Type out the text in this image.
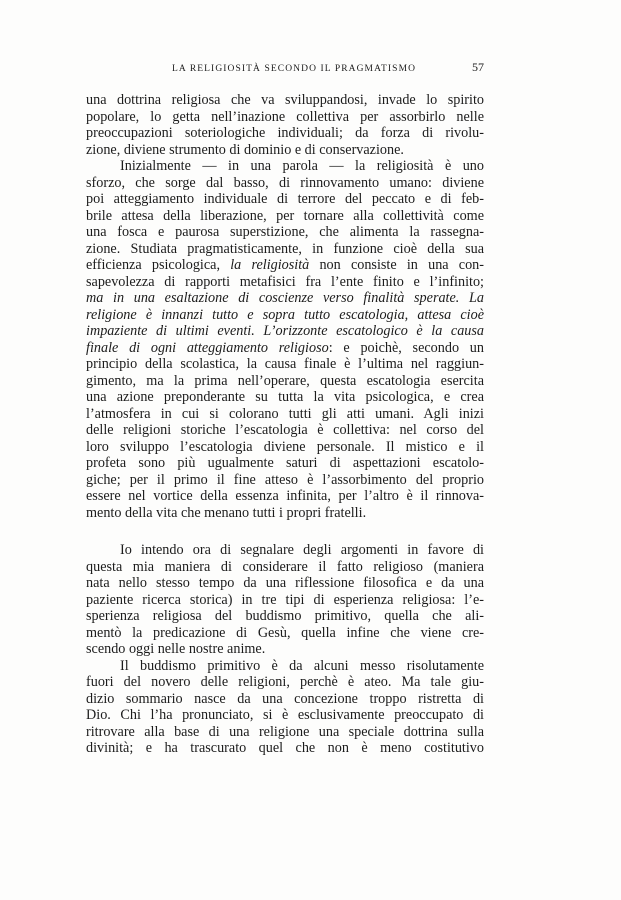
LA RELIGIOSITÀ SECONDO IL PRAGMATISMO	57
una dottrina religiosa che va sviluppandosi, invade lo spirito
popolare, lo getta nell’inazione collettiva per assorbirlo nelle
preoccupazioni soteriologiche individuali; da forza di rivolu-
zione, diviene strumento di dominio e di conservazione.
Inizialmente — in una parola — la religiosità è uno
sforzo, che sorge dal basso, di rinnovamento umano: diviene
poi atteggiamento individuale di terrore del peccato e di feb-
brile attesa della liberazione, per tornare alla collettività come
una fosca e paurosa superstizione, che alimenta la rassegna-
zione. Studiata pragmatisticamente, in funzione cioè della sua
efficienza psicologica, la religiosità non consiste in una con-
sapevolezza di rapporti metafisici fra l’ente finito e l’infinito;
ma in una esaltazione di coscienze verso finalità sperate. La
religione è innanzi tutto e sopra tutto escatologia, attesa cioè
impaziente di ultimi eventi. L’orizzonte escatologico è la causa
finale di ogni atteggiamento religioso: e poichè, secondo un
principio della scolastica, la causa finale è l’ultima nel raggiun-
gimento, ma la prima nell’operare, questa escatologia esercita
una azione preponderante su tutta la vita psicologica, e crea
l’atmosfera in cui si colorano tutti gli atti umani. Agli inizi
delle religioni storiche l’escatologia è collettiva: nel corso del
loro sviluppo l’escatologia diviene personale. Il mistico e il
profeta sono più ugualmente saturi di aspettazioni escatolo-
giche; per il primo il fine atteso è l’assorbimento del proprio
essere nel vortice della essenza infinita, per l’altro è il rinnova-
mento della vita che menano tutti i propri fratelli.
Io intendo ora di segnalare degli argomenti in favore di
questa mia maniera di considerare il fatto religioso (maniera
nata nello stesso tempo da una riflessione filosofica e da una
paziente ricerca storica) in tre tipi di esperienza religiosa: l’e-
sperienza religiosa del buddismo primitivo, quella che ali-
mentò la predicazione di Gesù, quella infine che viene cre-
scendo oggi nelle nostre anime.
Il buddismo primitivo è da alcuni messo risolutamente
fuori del novero delle religioni, perchè è ateo. Ma tale giu-
dizio sommario nasce da una concezione troppo ristretta di
Dio. Chi l’ha pronunciato, si è esclusivamente preoccupato di
ritrovare alla base di una religione una speciale dottrina sulla
divinità; e ha trascurato quel che non è meno costitutivo
